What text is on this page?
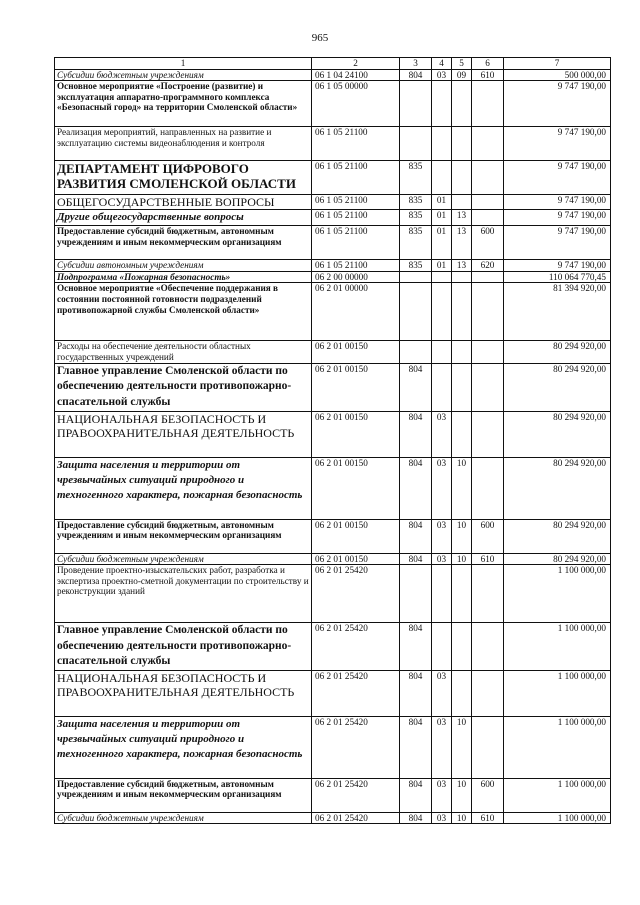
965
1	2	3	4	5	6	7
Субсидии бюджетным учреждениям	06 1 04 24100	804	03	09	610	500 000,00
Основное мероприятие «Построение (развитие) и эксплуатация аппаратно-программного комплекса «Безопасный город» на территории Смоленской области»	06 1 05 00000					9 747 190,00
Реализация мероприятий, направленных на развитие и эксплуатацию системы видеонаблюдения и контроля	06 1 05 21100					9 747 190,00
ДЕПАРТАМЕНТ ЦИФРОВОГО РАЗВИТИЯ СМОЛЕНСКОЙ ОБЛАСТИ	06 1 05 21100	835				9 747 190,00
ОБЩЕГОСУДАРСТВЕННЫЕ ВОПРОСЫ	06 1 05 21100	835	01			9 747 190,00
Другие общегосударственные вопросы	06 1 05 21100	835	01	13		9 747 190,00
Предоставление субсидий бюджетным, автономным учреждениям и иным некоммерческим организациям	06 1 05 21100	835	01	13	600	9 747 190,00
Субсидии автономным учреждениям	06 1 05 21100	835	01	13	620	9 747 190,00
Подпрограмма «Пожарная безопасность»	06 2 00 00000					110 064 770,45
Основное мероприятие «Обеспечение поддержания в состоянии постоянной готовности подразделений противопожарной службы Смоленской области»	06 2 01 00000					81 394 920,00
Расходы на обеспечение деятельности областных государственных учреждений	06 2 01 00150					80 294 920,00
Главное управление Смоленской области по обеспечению деятельности противопожарно-спасательной службы	06 2 01 00150	804				80 294 920,00
НАЦИОНАЛЬНАЯ БЕЗОПАСНОСТЬ И ПРАВООХРАНИТЕЛЬНАЯ ДЕЯТЕЛЬНОСТЬ	06 2 01 00150	804	03			80 294 920,00
Защита населения и территории от чрезвычайных ситуаций природного и техногенного характера, пожарная безопасность	06 2 01 00150	804	03	10		80 294 920,00
Предоставление субсидий бюджетным, автономным учреждениям и иным некоммерческим организациям	06 2 01 00150	804	03	10	600	80 294 920,00
Субсидии бюджетным учреждениям	06 2 01 00150	804	03	10	610	80 294 920,00
Проведение проектно-изыскательских работ, разработка и экспертиза проектно-сметной документации по строительству и реконструкции зданий	06 2 01 25420					1 100 000,00
Главное управление Смоленской области по обеспечению деятельности противопожарно-спасательной службы	06 2 01 25420	804				1 100 000,00
НАЦИОНАЛЬНАЯ БЕЗОПАСНОСТЬ И ПРАВООХРАНИТЕЛЬНАЯ ДЕЯТЕЛЬНОСТЬ	06 2 01 25420	804	03			1 100 000,00
Защита населения и территории от чрезвычайных ситуаций природного и техногенного характера, пожарная безопасность	06 2 01 25420	804	03	10		1 100 000,00
Предоставление субсидий бюджетным, автономным учреждениям и иным некоммерческим организациям	06 2 01 25420	804	03	10	600	1 100 000,00
Субсидии бюджетным учреждениям	06 2 01 25420	804	03	10	610	1 100 000,00
